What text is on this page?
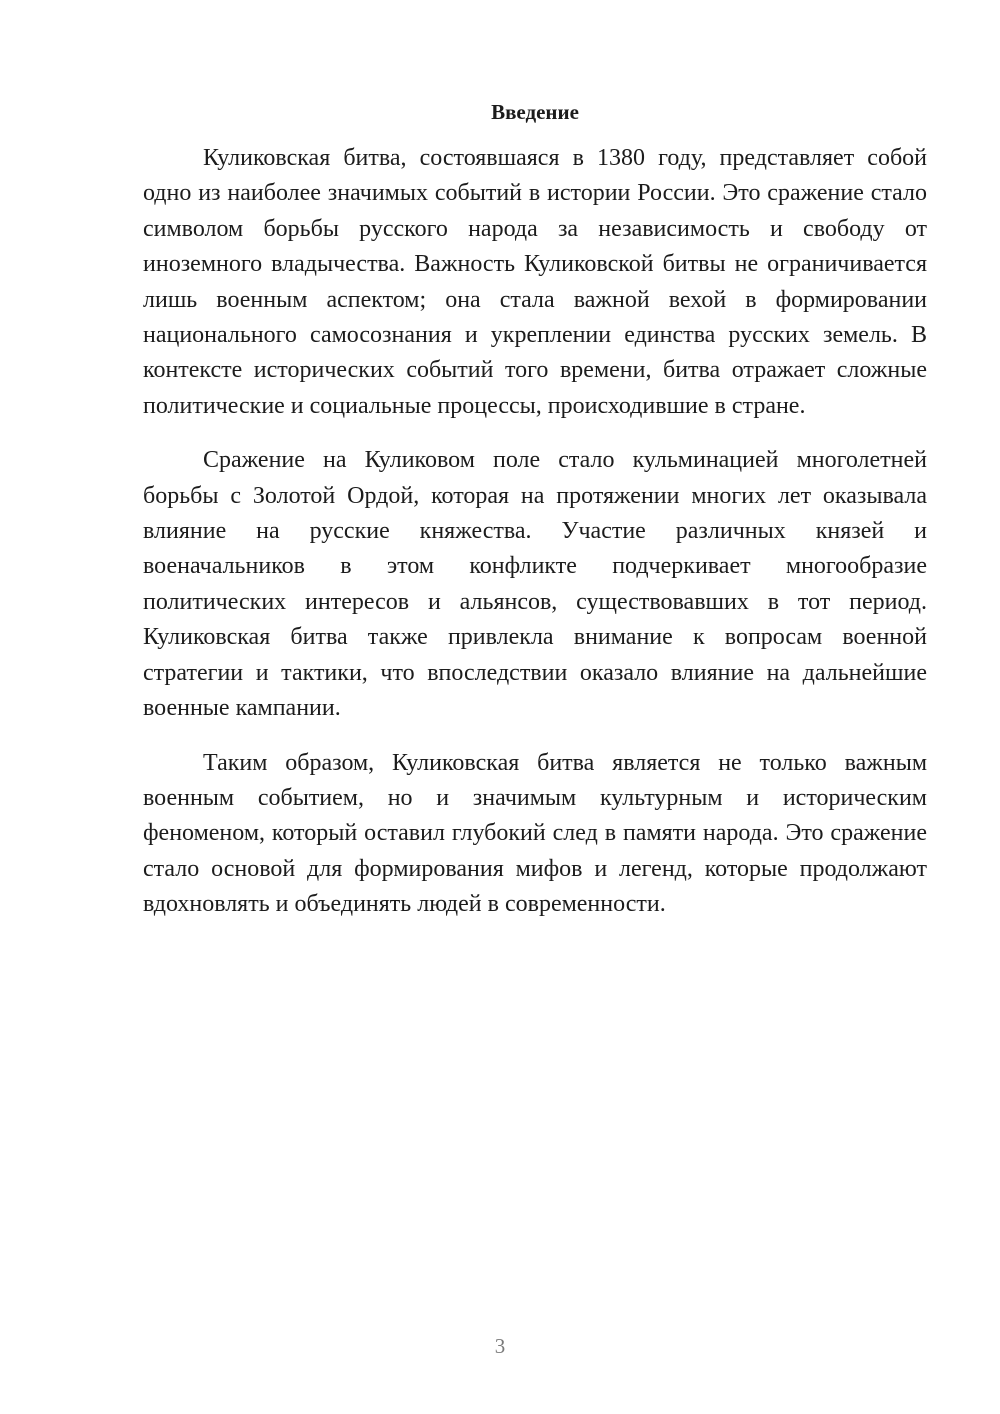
Введение

Куликовская битва, состоявшаяся в 1380 году, представляет собой одно из наиболее значимых событий в истории России. Это сражение стало символом борьбы русского народа за независимость и свободу от иноземного владычества. Важность Куликовской битвы не ограничивается лишь военным аспектом; она стала важной вехой в формировании национального самосознания и укреплении единства русских земель. В контексте исторических событий того времени, битва отражает сложные политические и социальные процессы, происходившие в стране.

Сражение на Куликовом поле стало кульминацией многолетней борьбы с Золотой Ордой, которая на протяжении многих лет оказывала влияние на русские княжества. Участие различных князей и военачальников в этом конфликте подчеркивает многообразие политических интересов и альянсов, существовавших в тот период. Куликовская битва также привлекла внимание к вопросам военной стратегии и тактики, что впоследствии оказало влияние на дальнейшие военные кампании.

Таким образом, Куликовская битва является не только важным военным событием, но и значимым культурным и историческим феноменом, который оставил глубокий след в памяти народа. Это сражение стало основой для формирования мифов и легенд, которые продолжают вдохновлять и объединять людей в современности.

3
